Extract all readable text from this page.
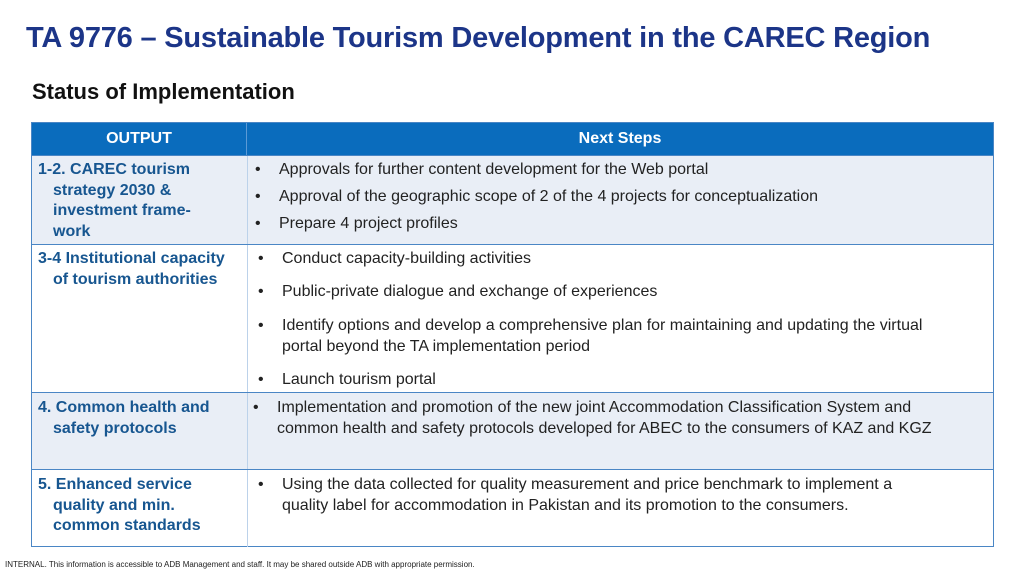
TA 9776 – Sustainable Tourism Development in the CAREC Region
Status of Implementation
OUTPUT	Next Steps
1-2. CAREC tourism
strategy 2030 &
investment frame-
work
• Approvals for further content development for the Web portal
• Approval of the geographic scope of 2 of the 4 projects for conceptualization
• Prepare 4 project profiles
3-4 Institutional capacity
of tourism authorities
• Conduct capacity-building activities
• Public-private dialogue and exchange of experiences
• Identify options and develop a comprehensive plan for maintaining and updating the virtual
portal beyond the TA implementation period
• Launch tourism portal
4. Common health and
safety protocols
• Implementation and promotion of the new joint Accommodation Classification System and
common health and safety protocols developed for ABEC to the consumers of KAZ and KGZ
5. Enhanced service
quality and min.
common standards
• Using the data collected for quality measurement and price benchmark to implement a
quality label for accommodation in Pakistan and its promotion to the consumers.
INTERNAL. This information is accessible to ADB Management and staff. It may be shared outside ADB with appropriate permission.
